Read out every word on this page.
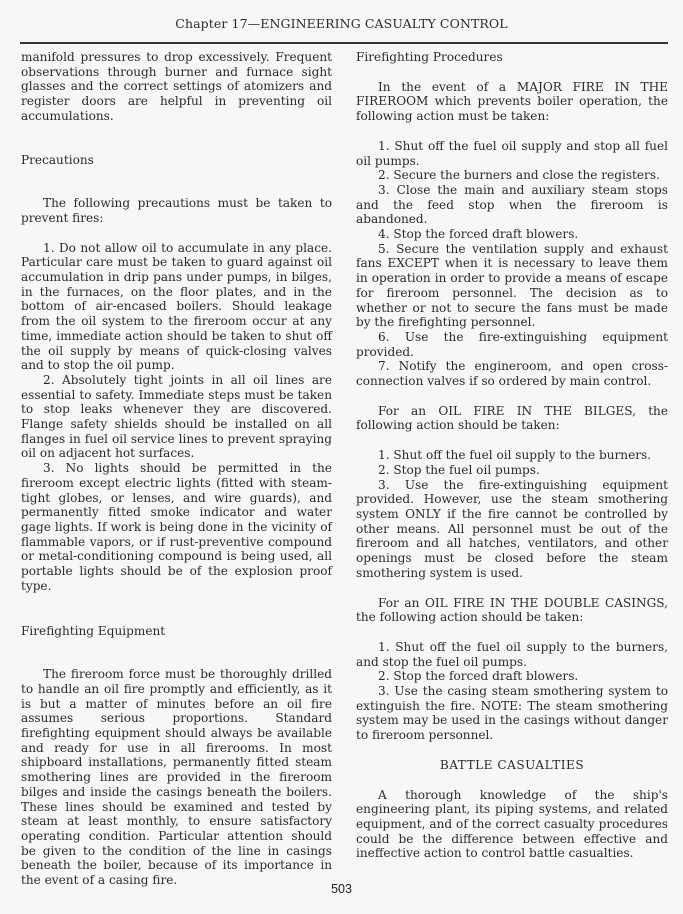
Chapter 17—ENGINEERING CASUALTY CONTROL

manifold pressures to drop excessively. Frequent observations through burner and furnace sight glasses and the correct settings of atomizers and register doors are helpful in preventing oil accumulations.

Precautions

The following precautions must be taken to prevent fires:

1. Do not allow oil to accumulate in any place. Particular care must be taken to guard against oil accumulation in drip pans under pumps, in bilges, in the furnaces, on the floor plates, and in the bottom of air-encased boilers. Should leakage from the oil system to the fireroom occur at any time, immediate action should be taken to shut off the oil supply by means of quick-closing valves and to stop the oil pump.

2. Absolutely tight joints in all oil lines are essential to safety. Immediate steps must be taken to stop leaks whenever they are discovered. Flange safety shields should be installed on all flanges in fuel oil service lines to prevent spraying oil on adjacent hot surfaces.

3. No lights should be permitted in the fireroom except electric lights (fitted with steam-tight globes, or lenses, and wire guards), and permanently fitted smoke indicator and water gage lights. If work is being done in the vicinity of flammable vapors, or if rust-preventive compound or metal-conditioning compound is being used, all portable lights should be of the explosion proof type.

Firefighting Equipment

The fireroom force must be thoroughly drilled to handle an oil fire promptly and efficiently, as it is but a matter of minutes before an oil fire assumes serious proportions. Standard firefighting equipment should always be available and ready for use in all firerooms. In most shipboard installations, permanently fitted steam smothering lines are provided in the fireroom bilges and inside the casings beneath the boilers. These lines should be examined and tested by steam at least monthly, to ensure satisfactory operating condition. Particular attention should be given to the condition of the line in casings beneath the boiler, because of its importance in the event of a casing fire.

Firefighting Procedures

In the event of a MAJOR FIRE IN THE FIREROOM which prevents boiler operation, the following action must be taken:

1. Shut off the fuel oil supply and stop all fuel oil pumps.

2. Secure the burners and close the registers.

3. Close the main and auxiliary steam stops and the feed stop when the fireroom is abandoned.

4. Stop the forced draft blowers.

5. Secure the ventilation supply and exhaust fans EXCEPT when it is necessary to leave them in operation in order to provide a means of escape for fireroom personnel. The decision as to whether or not to secure the fans must be made by the firefighting personnel.

6. Use the fire-extinguishing equipment provided.

7. Notify the engineroom, and open cross-connection valves if so ordered by main control.

For an OIL FIRE IN THE BILGES, the following action should be taken:

1. Shut off the fuel oil supply to the burners.

2. Stop the fuel oil pumps.

3. Use the fire-extinguishing equipment provided. However, use the steam smothering system ONLY if the fire cannot be controlled by other means. All personnel must be out of the fireroom and all hatches, ventilators, and other openings must be closed before the steam smothering system is used.

For an OIL FIRE IN THE DOUBLE CASINGS, the following action should be taken:

1. Shut off the fuel oil supply to the burners, and stop the fuel oil pumps.

2. Stop the forced draft blowers.

3. Use the casing steam smothering system to extinguish the fire. NOTE: The steam smothering system may be used in the casings without danger to fireroom personnel.

BATTLE CASUALTIES

A thorough knowledge of the ship's engineering plant, its piping systems, and related equipment, and of the correct casualty procedures could be the difference between effective and ineffective action to control battle casualties.

503
